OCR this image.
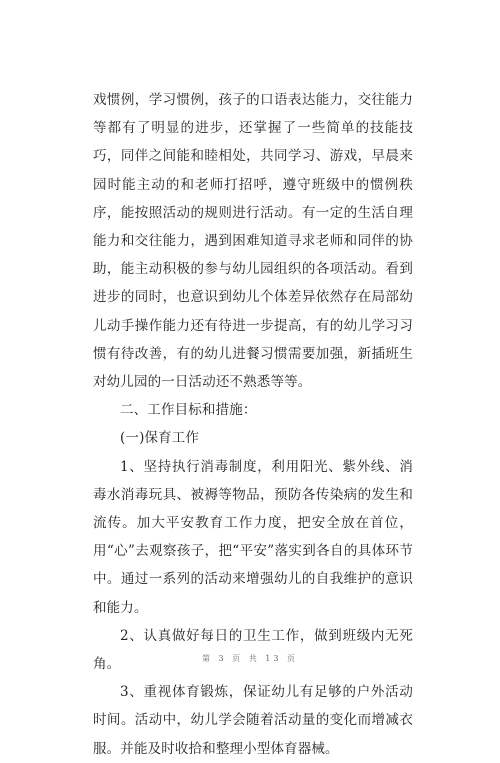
戏惯例，学习惯例，孩子的口语表达能力，交往能力等都有了明显的进步，还掌握了一些简单的技能技巧，同伴之间能和睦相处，共同学习、游戏，早晨来园时能主动的和老师打招呼，遵守班级中的惯例秩序，能按照活动的规则进行活动。有一定的生活自理能力和交往能力，遇到困难知道寻求老师和同伴的协助，能主动积极的参与幼儿园组织的各项活动。看到进步的同时，也意识到幼儿个体差异依然存在局部幼儿动手操作能力还有待进一步提高，有的幼儿学习习惯有待改善，有的幼儿进餐习惯需要加强，新插班生对幼儿园的一日活动还不熟悉等等。

二、工作目标和措施：

(一)保育工作

1、坚持执行消毒制度，利用阳光、紫外线、消毒水消毒玩具、被褥等物品，预防各传染病的发生和流传。加大平安教育工作力度，把安全放在首位，用“心”去观察孩子，把“平安”落实到各自的具体环节中。通过一系列的活动来增强幼儿的自我维护的意识和能力。

2、认真做好每日的卫生工作，做到班级内无死角。

3、重视体育锻炼，保证幼儿有足够的户外活动时间。活动中，幼儿学会随着活动量的变化而增减衣服。并能及时收拾和整理小型体育器械。

第 3 页 共 13 页
